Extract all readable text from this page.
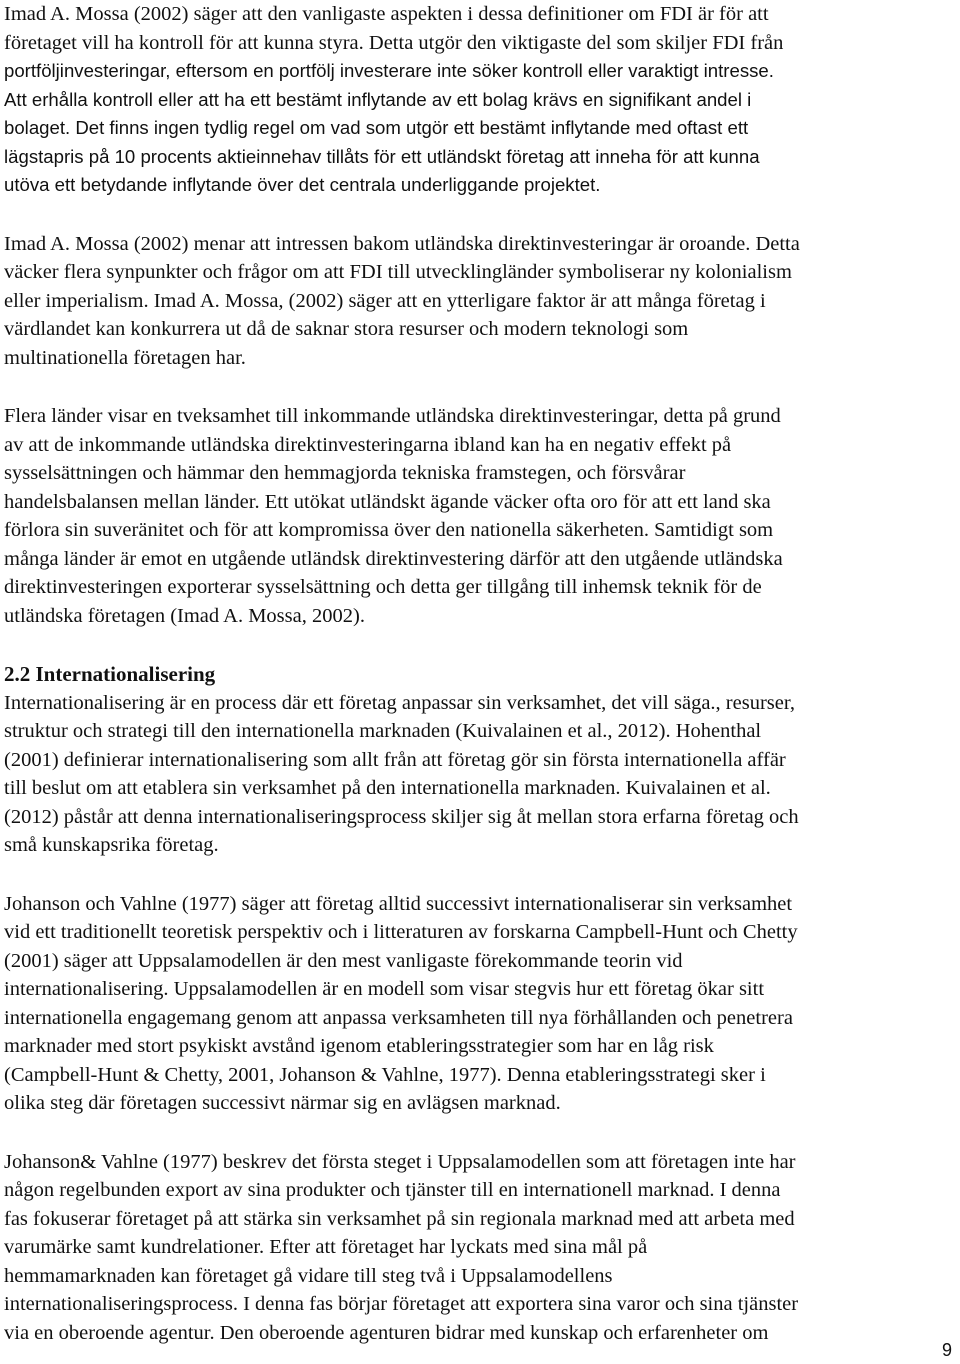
Imad A. Mossa (2002) säger att den vanligaste aspekten i dessa definitioner om FDI är för att
företaget vill ha kontroll för att kunna styra. Detta utgör den viktigaste del som skiljer FDI från
portföljinvesteringar, eftersom en portfölj investerare inte söker kontroll eller varaktigt intresse.
Att erhålla kontroll eller att ha ett bestämt inflytande av ett bolag krävs en signifikant andel i
bolaget. Det finns ingen tydlig regel om vad som utgör ett bestämt inflytande med oftast ett
lägstapris på 10 procents aktieinnehav tillåts för ett utländskt företag att inneha för att kunna
utöva ett betydande inflytande över det centrala underliggande projektet.

Imad A. Mossa (2002) menar att intressen bakom utländska direktinvesteringar är oroande. Detta
väcker flera synpunkter och frågor om att FDI till utvecklingländer symboliserar ny kolonialism
eller imperialism. Imad A. Mossa, (2002) säger att en ytterligare faktor är att många företag i
värdlandet kan konkurrera ut då de saknar stora resurser och modern teknologi som
multinationella företagen har.

Flera länder visar en tveksamhet till inkommande utländska direktinvesteringar, detta på grund
av att de inkommande utländska direktinvesteringarna ibland kan ha en negativ effekt på
sysselsättningen och hämmar den hemmagjorda tekniska framstegen, och försvårar
handelsbalansen mellan länder. Ett utökat utländskt ägande väcker ofta oro för att ett land ska
förlora sin suveränitet och för att kompromissa över den nationella säkerheten. Samtidigt som
många länder är emot en utgående utländsk direktinvestering därför att den utgående utländska
direktinvesteringen exporterar sysselsättning och detta ger tillgång till inhemsk teknik för de
utländska företagen (Imad A. Mossa, 2002).

2.2 Internationalisering

Internationalisering är en process där ett företag anpassar sin verksamhet, det vill säga., resurser,
struktur och strategi till den internationella marknaden (Kuivalainen et al., 2012). Hohenthal
(2001) definierar internationalisering som allt från att företag gör sin första internationella affär
till beslut om att etablera sin verksamhet på den internationella marknaden. Kuivalainen et al.
(2012) påstår att denna internationaliseringsprocess skiljer sig åt mellan stora erfarna företag och
små kunskapsrika företag.

Johanson och Vahlne (1977) säger att företag alltid successivt internationaliserar sin verksamhet
vid ett traditionellt teoretisk perspektiv och i litteraturen av forskarna Campbell-Hunt och Chetty
(2001) säger att Uppsalamodellen är den mest vanligaste förekommande teorin vid
internationalisering. Uppsalamodellen är en modell som visar stegvis hur ett företag ökar sitt
internationella engagemang genom att anpassa verksamheten till nya förhållanden och penetrera
marknader med stort psykiskt avstånd igenom etableringsstrategier som har en låg risk
(Campbell-Hunt & Chetty, 2001, Johanson & Vahlne, 1977). Denna etableringsstrategi sker i
olika steg där företagen successivt närmar sig en avlägsen marknad.

Johanson& Vahlne (1977) beskrev det första steget i Uppsalamodellen som att företagen inte har
någon regelbunden export av sina produkter och tjänster till en internationell marknad. I denna
fas fokuserar företaget på att stärka sin verksamhet på sin regionala marknad med att arbeta med
varumärke samt kundrelationer. Efter att företaget har lyckats med sina mål på
hemmamarknaden kan företaget gå vidare till steg två i Uppsalamodellens
internationaliseringsprocess. I denna fas börjar företaget att exportera sina varor och sina tjänster
via en oberoende agentur. Den oberoende agenturen bidrar med kunskap och erfarenheter om

9
